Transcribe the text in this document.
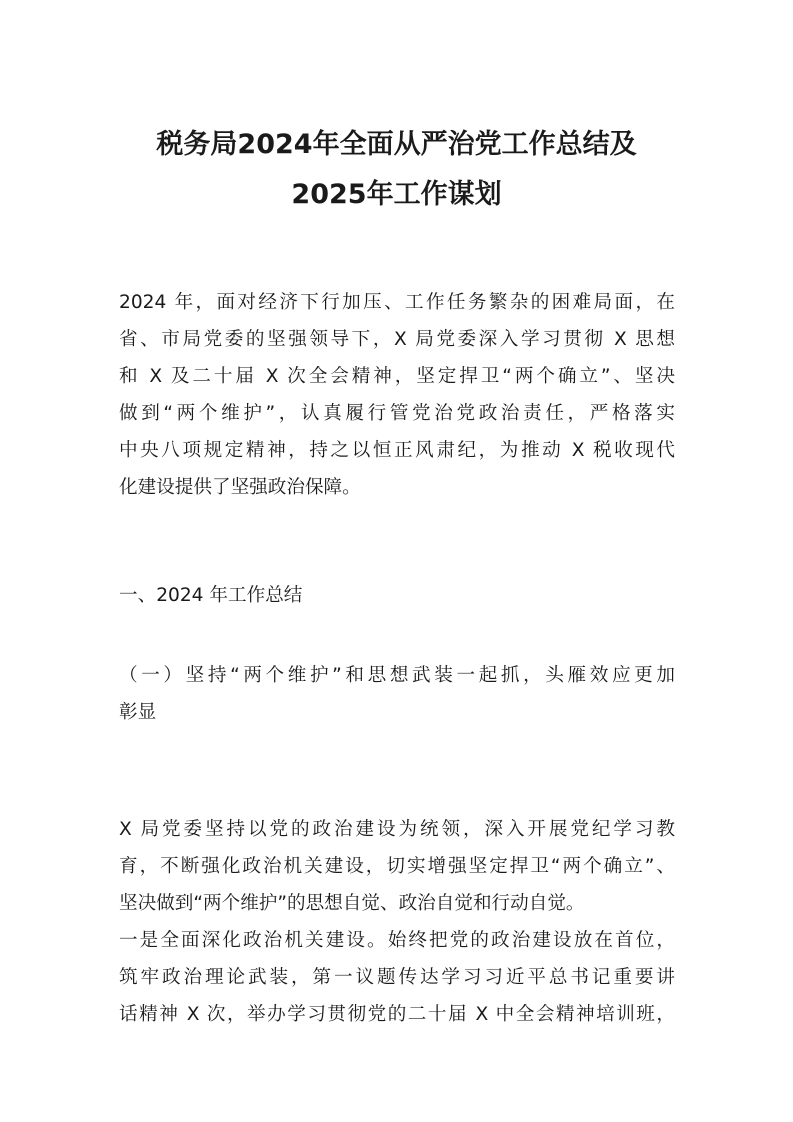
税务局2024年全面从严治党工作总结及
2025年工作谋划
2024 年，面对经济下行加压、工作任务繁杂的困难局面，在
省、市局党委的坚强领导下，X 局党委深入学习贯彻 X 思想
和 X 及二十届 X 次全会精神，坚定捍卫“两个确立”、坚决
做到“两个维护”，认真履行管党治党政治责任，严格落实
中央八项规定精神，持之以恒正风肃纪，为推动 X 税收现代
化建设提供了坚强政治保障。
一、2024 年工作总结
（一）坚持“两个维护”和思想武装一起抓，头雁效应更加
彰显
X 局党委坚持以党的政治建设为统领，深入开展党纪学习教
育，不断强化政治机关建设，切实增强坚定捍卫“两个确立”、
坚决做到“两个维护”的思想自觉、政治自觉和行动自觉。
一是全面深化政治机关建设。始终把党的政治建设放在首位，
筑牢政治理论武装，第一议题传达学习习近平总书记重要讲
话精神 X 次，举办学习贯彻党的二十届 X 中全会精神培训班，
